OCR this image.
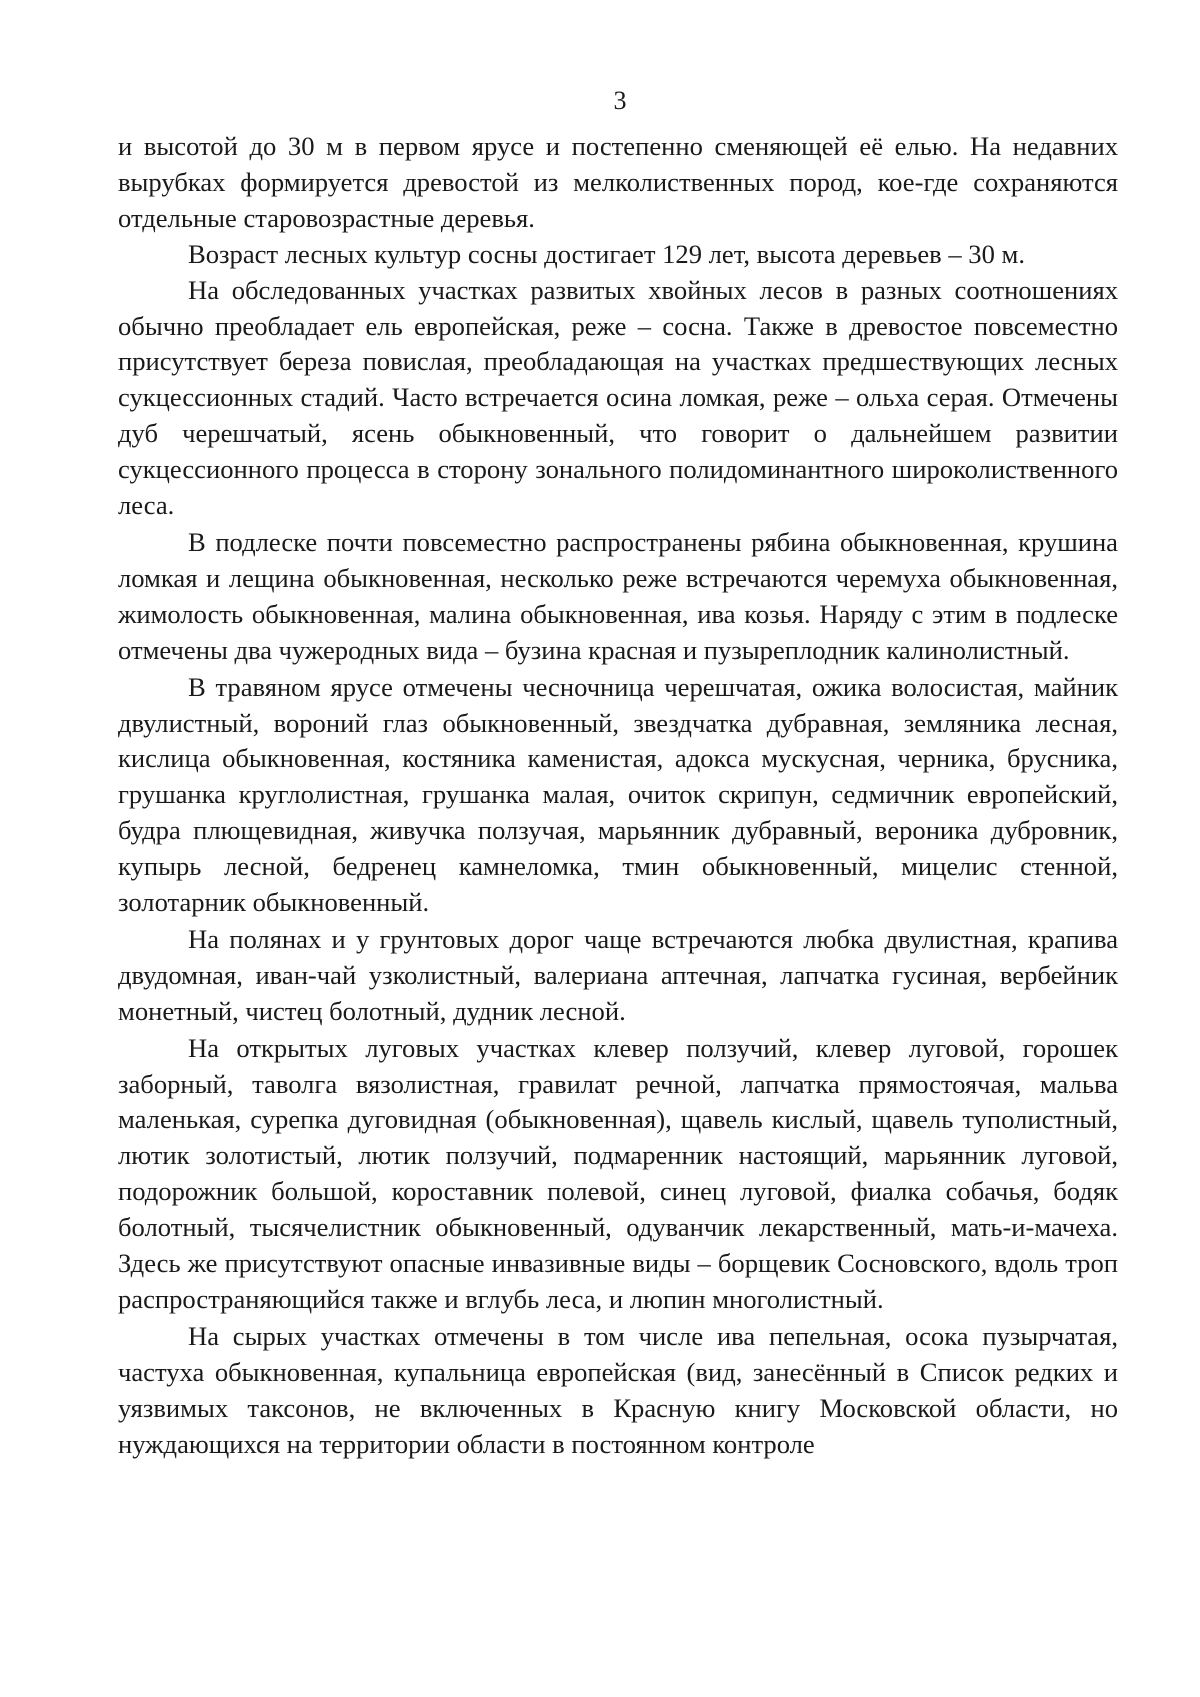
3

и высотой до 30 м в первом ярусе и постепенно сменяющей её елью. На недавних вырубках формируется древостой из мелколиственных пород, кое-где сохраняются отдельные старовозрастные деревья.

Возраст лесных культур сосны достигает 129 лет, высота деревьев – 30 м.

На обследованных участках развитых хвойных лесов в разных соотношениях обычно преобладает ель европейская, реже – сосна. Также в древостое повсеместно присутствует береза повислая, преобладающая на участках предшествующих лесных сукцессионных стадий. Часто встречается осина ломкая, реже – ольха серая. Отмечены дуб черешчатый, ясень обыкновенный, что говорит о дальнейшем развитии сукцессионного процесса в сторону зонального полидоминантного широколиственного леса.

В подлеске почти повсеместно распространены рябина обыкновенная, крушина ломкая и лещина обыкновенная, несколько реже встречаются черемуха обыкновенная, жимолость обыкновенная, малина обыкновенная, ива козья. Наряду с этим в подлеске отмечены два чужеродных вида – бузина красная и пузыреплодник калинолистный.

В травяном ярусе отмечены чесночница черешчатая, ожика волосистая, майник двулистный, вороний глаз обыкновенный, звездчатка дубравная, земляника лесная, кислица обыкновенная, костяника каменистая, адокса мускусная, черника, брусника, грушанка круглолистная, грушанка малая, очиток скрипун, седмичник европейский, будра плющевидная, живучка ползучая, марьянник дубравный, вероника дубровник, купырь лесной, бедренец камнеломка, тмин обыкновенный, мицелис стенной, золотарник обыкновенный.

На полянах и у грунтовых дорог чаще встречаются любка двулистная, крапива двудомная, иван-чай узколистный, валериана аптечная, лапчатка гусиная, вербейник монетный, чистец болотный, дудник лесной.

На открытых луговых участках клевер ползучий, клевер луговой, горошек заборный, таволга вязолистная, гравилат речной, лапчатка прямостоячая, мальва маленькая, сурепка дуговидная (обыкновенная), щавель кислый, щавель туполистный, лютик золотистый, лютик ползучий, подмаренник настоящий, марьянник луговой, подорожник большой, короставник полевой, синец луговой, фиалка собачья, бодяк болотный, тысячелистник обыкновенный, одуванчик лекарственный, мать-и-мачеха. Здесь же присутствуют опасные инвазивные виды – борщевик Сосновского, вдоль троп распространяющийся также и вглубь леса, и люпин многолистный.

На сырых участках отмечены в том числе ива пепельная, осока пузырчатая, частуха обыкновенная, купальница европейская (вид, занесённый в Список редких и уязвимых таксонов, не включенных в Красную книгу Московской области, но нуждающихся на территории области в постоянном контроле
